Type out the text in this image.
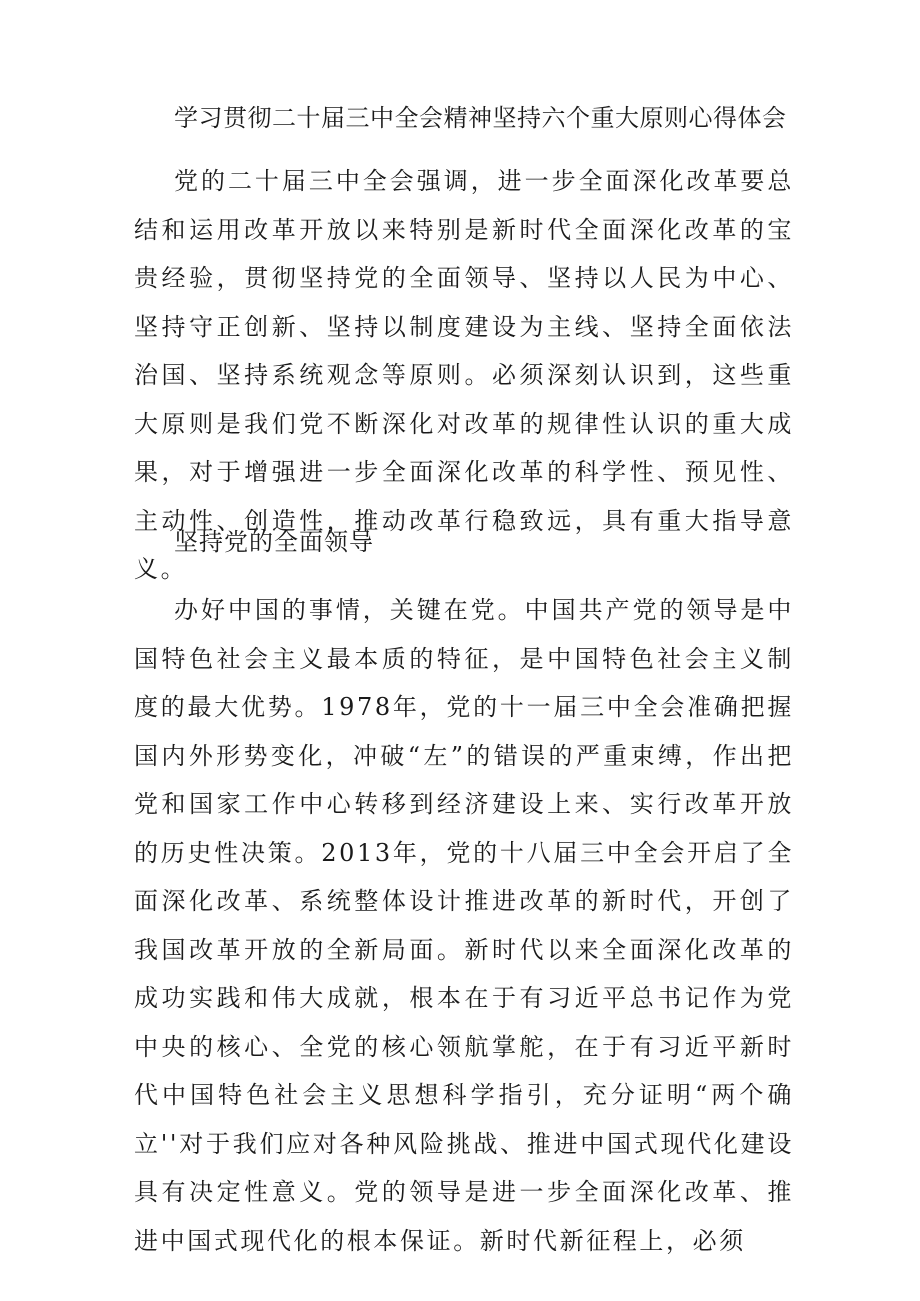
学习贯彻二十届三中全会精神坚持六个重大原则心得体会
党的二十届三中全会强调，进一步全面深化改革要总结和运用改革开放以来特别是新时代全面深化改革的宝贵经验，贯彻坚持党的全面领导、坚持以人民为中心、坚持守正创新、坚持以制度建设为主线、坚持全面依法治国、坚持系统观念等原则。必须深刻认识到，这些重大原则是我们党不断深化对改革的规律性认识的重大成果，对于增强进一步全面深化改革的科学性、预见性、主动性、创造性，推动改革行稳致远，具有重大指导意义。
坚持党的全面领导
办好中国的事情，关键在党。中国共产党的领导是中国特色社会主义最本质的特征，是中国特色社会主义制度的最大优势。1978年，党的十一届三中全会准确把握国内外形势变化，冲破“左”的错误的严重束缚，作出把党和国家工作中心转移到经济建设上来、实行改革开放的历史性决策。2013年，党的十八届三中全会开启了全面深化改革、系统整体设计推进改革的新时代，开创了我国改革开放的全新局面。新时代以来全面深化改革的成功实践和伟大成就，根本在于有习近平总书记作为党中央的核心、全党的核心领航掌舵，在于有习近平新时代中国特色社会主义思想科学指引，充分证明“两个确立''对于我们应对各种风险挑战、推进中国式现代化建设具有决定性意义。党的领导是进一步全面深化改革、推进中国式现代化的根本保证。新时代新征程上，必须
